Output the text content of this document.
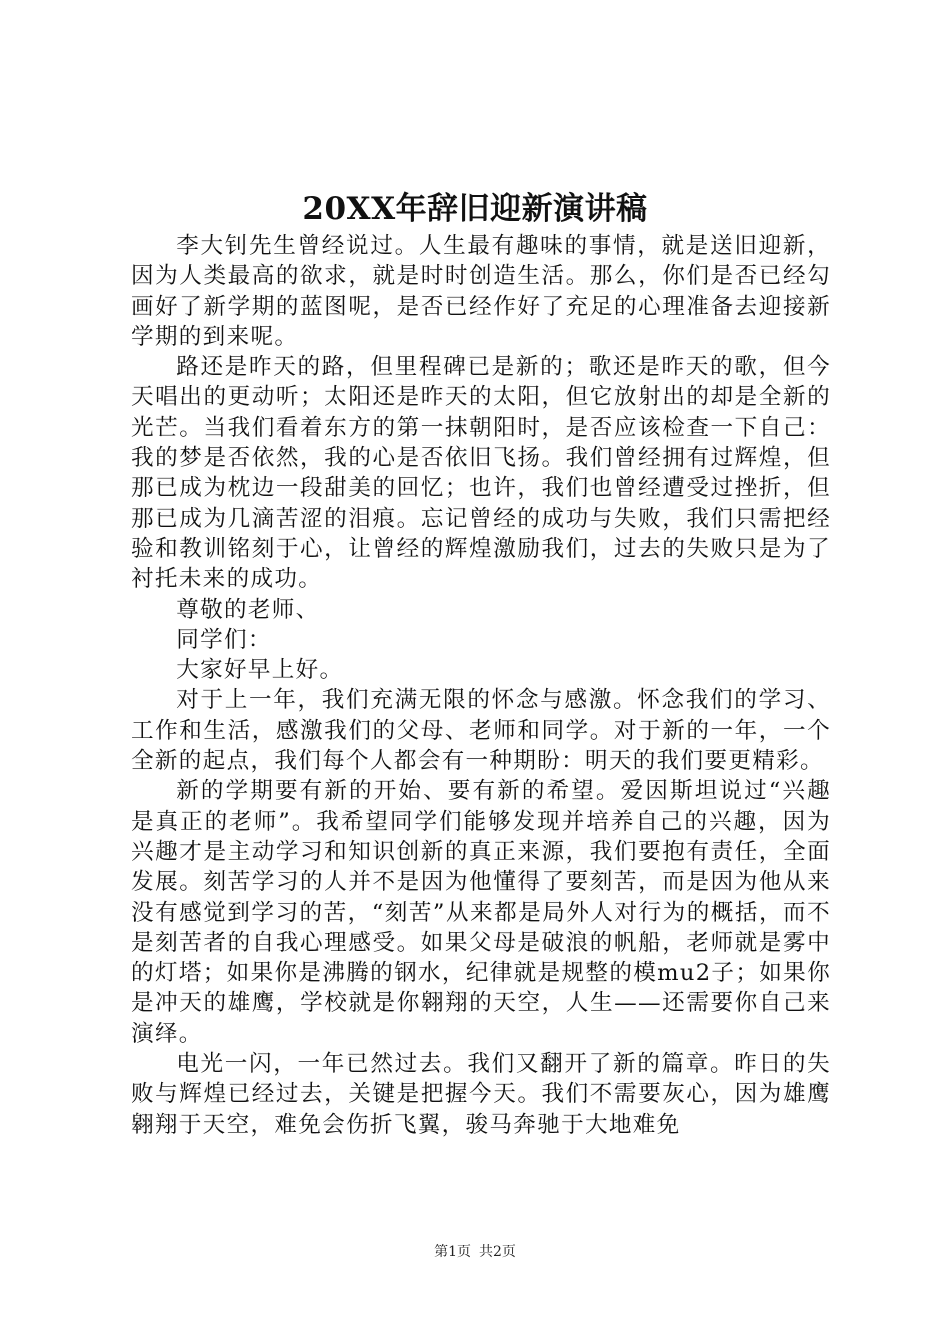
20XX年辞旧迎新演讲稿

李大钊先生曾经说过。人生最有趣味的事情，就是送旧迎新，因为人类最高的欲求，就是时时创造生活。那么，你们是否已经勾画好了新学期的蓝图呢，是否已经作好了充足的心理准备去迎接新学期的到来呢。

路还是昨天的路，但里程碑已是新的；歌还是昨天的歌，但今天唱出的更动听；太阳还是昨天的太阳，但它放射出的却是全新的光芒。当我们看着东方的第一抹朝阳时，是否应该检查一下自己：我的梦是否依然，我的心是否依旧飞扬。我们曾经拥有过辉煌，但那已成为枕边一段甜美的回忆；也许，我们也曾经遭受过挫折，但那已成为几滴苦涩的泪痕。忘记曾经的成功与失败，我们只需把经验和教训铭刻于心，让曾经的辉煌激励我们，过去的失败只是为了衬托未来的成功。

尊敬的老师、

同学们：

大家好早上好。

对于上一年，我们充满无限的怀念与感激。怀念我们的学习、工作和生活，感激我们的父母、老师和同学。对于新的一年，一个全新的起点，我们每个人都会有一种期盼：明天的我们要更精彩。

新的学期要有新的开始、要有新的希望。爱因斯坦说过“兴趣是真正的老师”。我希望同学们能够发现并培养自己的兴趣，因为兴趣才是主动学习和知识创新的真正来源，我们要抱有责任，全面发展。刻苦学习的人并不是因为他懂得了要刻苦，而是因为他从来没有感觉到学习的苦，“刻苦”从来都是局外人对行为的概括，而不是刻苦者的自我心理感受。如果父母是破浪的帆船，老师就是雾中的灯塔；如果你是沸腾的钢水，纪律就是规整的模mu2子；如果你是冲天的雄鹰，学校就是你翱翔的天空，人生——还需要你自己来演绎。

电光一闪，一年已然过去。我们又翻开了新的篇章。昨日的失败与辉煌已经过去，关键是把握今天。我们不需要灰心，因为雄鹰翱翔于天空，难免会伤折飞翼，骏马奔驰于大地难免

第1页 共2页
